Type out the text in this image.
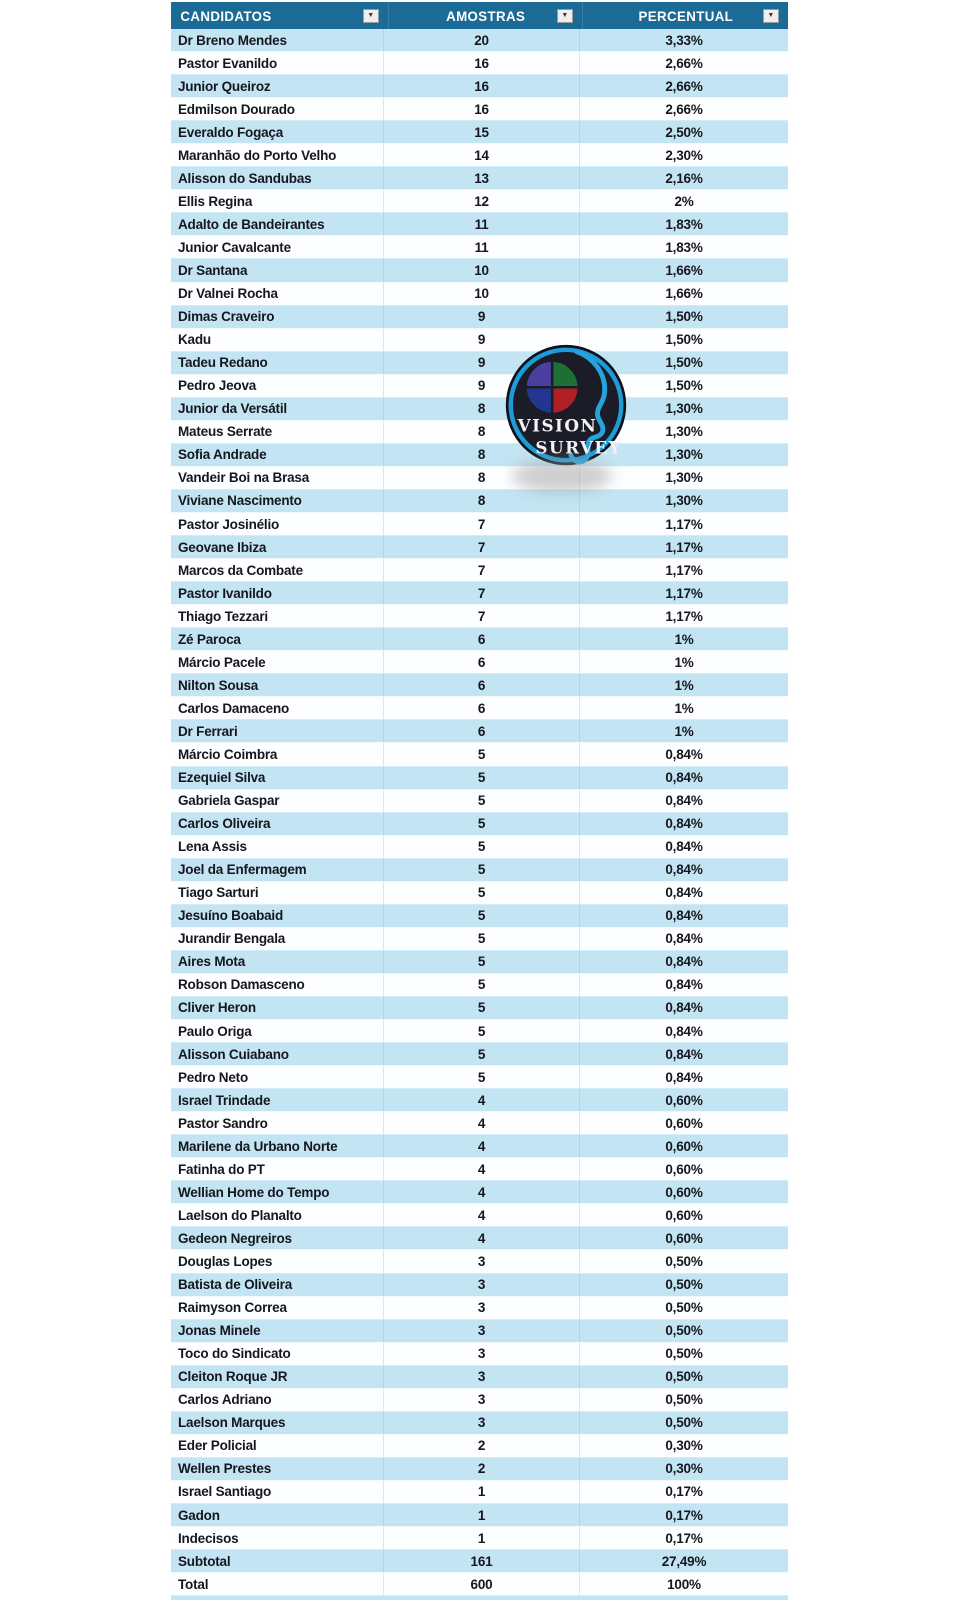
CANDIDATOS	▼	AMOSTRAS	▼	PERCENTUAL	▼
Dr Breno Mendes	20	3,33%
Pastor Evanildo	16	2,66%
Junior Queiroz	16	2,66%
Edmilson Dourado	16	2,66%
Everaldo Fogaça	15	2,50%
Maranhão do Porto Velho	14	2,30%
Alisson do Sandubas	13	2,16%
Ellis Regina	12	2%
Adalto de Bandeirantes	11	1,83%
Junior Cavalcante	11	1,83%
Dr Santana	10	1,66%
Dr Valnei Rocha	10	1,66%
Dimas Craveiro	9	1,50%
Kadu	9	1,50%
Tadeu Redano	9	1,50%
Pedro Jeova	9	1,50%
Junior da Versátil	8	1,30%
Mateus Serrate	8	1,30%
Sofia Andrade	8	1,30%
Vandeir Boi na Brasa	8	1,30%
Viviane Nascimento	8	1,30%
Pastor Josinélio	7	1,17%
Geovane Ibiza	7	1,17%
Marcos da Combate	7	1,17%
Pastor Ivanildo	7	1,17%
Thiago Tezzari	7	1,17%
Zé Paroca	6	1%
Márcio Pacele	6	1%
Nilton Sousa	6	1%
Carlos Damaceno	6	1%
Dr Ferrari	6	1%
Márcio Coimbra	5	0,84%
Ezequiel Silva	5	0,84%
Gabriela Gaspar	5	0,84%
Carlos Oliveira	5	0,84%
Lena Assis	5	0,84%
Joel da Enfermagem	5	0,84%
Tiago Sarturi	5	0,84%
Jesuíno Boabaid	5	0,84%
Jurandir Bengala	5	0,84%
Aires Mota	5	0,84%
Robson Damasceno	5	0,84%
Cliver Heron	5	0,84%
Paulo Origa	5	0,84%
Alisson Cuiabano	5	0,84%
Pedro Neto	5	0,84%
Israel Trindade	4	0,60%
Pastor Sandro	4	0,60%
Marilene da Urbano Norte	4	0,60%
Fatinha do PT	4	0,60%
Wellian Home do Tempo	4	0,60%
Laelson do Planalto	4	0,60%
Gedeon Negreiros	4	0,60%
Douglas Lopes	3	0,50%
Batista de Oliveira	3	0,50%
Raimyson Correa	3	0,50%
Jonas Minele	3	0,50%
Toco do Sindicato	3	0,50%
Cleiton Roque JR	3	0,50%
Carlos Adriano	3	0,50%
Laelson Marques	3	0,50%
Eder Policial	2	0,30%
Wellen Prestes	2	0,30%
Israel Santiago	1	0,17%
Gadon	1	0,17%
Indecisos	1	0,17%
Subtotal	161	27,49%
Total	600	100%
VISION
SURVEY
